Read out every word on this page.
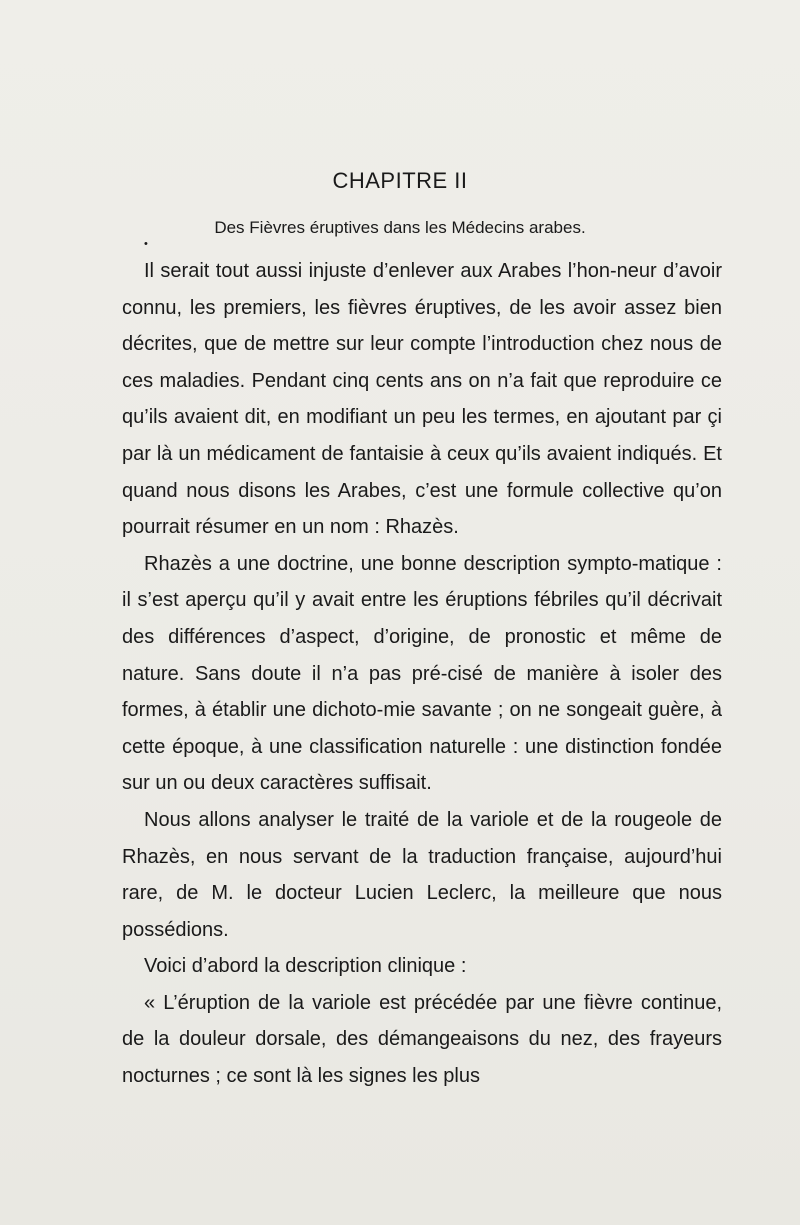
CHAPITRE II
Des Fièvres éruptives dans les Médecins arabes.
•

Il serait tout aussi injuste d’enlever aux Arabes l’hon-neur d’avoir connu, les premiers, les fièvres éruptives, de les avoir assez bien décrites, que de mettre sur leur compte l’introduction chez nous de ces maladies. Pendant cinq cents ans on n’a fait que reproduire ce qu’ils avaient dit, en modifiant un peu les termes, en ajoutant par çi par là un médicament de fantaisie à ceux qu’ils avaient indiqués. Et quand nous disons les Arabes, c’est une formule collective qu’on pourrait résumer en un nom : Rhazès.

Rhazès a une doctrine, une bonne description sympto-matique : il s’est aperçu qu’il y avait entre les éruptions fébriles qu’il décrivait des différences d’aspect, d’origine, de pronostic et même de nature. Sans doute il n’a pas pré-cisé de manière à isoler des formes, à établir une dichoto-mie savante ; on ne songeait guère, à cette époque, à une classification naturelle : une distinction fondée sur un ou deux caractères suffisait.

Nous allons analyser le traité de la variole et de la rougeole de Rhazès, en nous servant de la traduction française, aujourd’hui rare, de M. le docteur Lucien Leclerc, la meilleure que nous possédions.

Voici d’abord la description clinique :

« L’éruption de la variole est précédée par une fièvre continue, de la douleur dorsale, des démangeaisons du nez, des frayeurs nocturnes ; ce sont là les signes les plus
